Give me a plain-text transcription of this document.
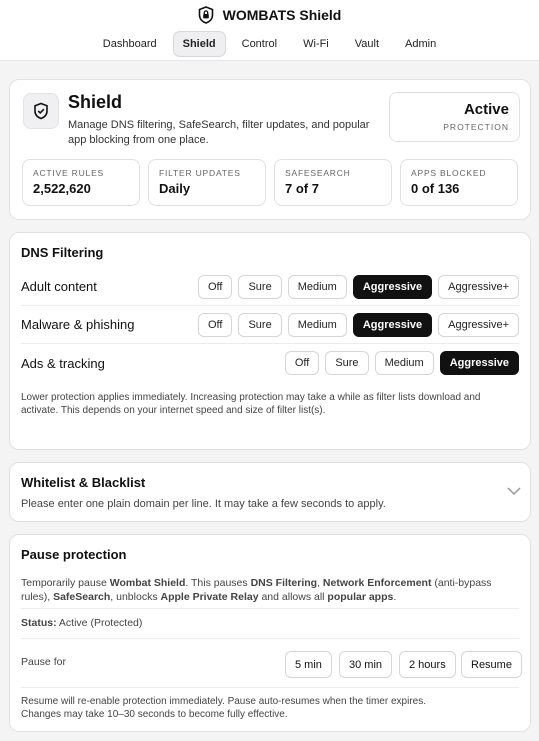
WOMBATS Shield
Dashboard	Shield	Control	Wi-Fi	Vault	Admin
Shield
Manage DNS filtering, SafeSearch, filter updates, and popular app blocking from one place.
Active
PROTECTION
ACTIVE RULES
2,522,620
FILTER UPDATES
Daily
SAFESEARCH
7 of 7
APPS BLOCKED
0 of 136
DNS Filtering
Adult content	Off	Sure	Medium	Aggressive	Aggressive+
Malware & phishing	Off	Sure	Medium	Aggressive	Aggressive+
Ads & tracking	Off	Sure	Medium	Aggressive
Lower protection applies immediately. Increasing protection may take a while as filter lists download and activate. This depends on your internet speed and size of filter list(s).
Whitelist & Blacklist
Please enter one plain domain per line. It may take a few seconds to apply.
Pause protection
Temporarily pause Wombat Shield. This pauses DNS Filtering, Network Enforcement (anti-bypass rules), SafeSearch, unblocks Apple Private Relay and allows all popular apps.
Status: Active (Protected)
Pause for	5 min	30 min	2 hours	Resume
Resume will re-enable protection immediately. Pause auto-resumes when the timer expires.
Changes may take 10–30 seconds to become fully effective.
